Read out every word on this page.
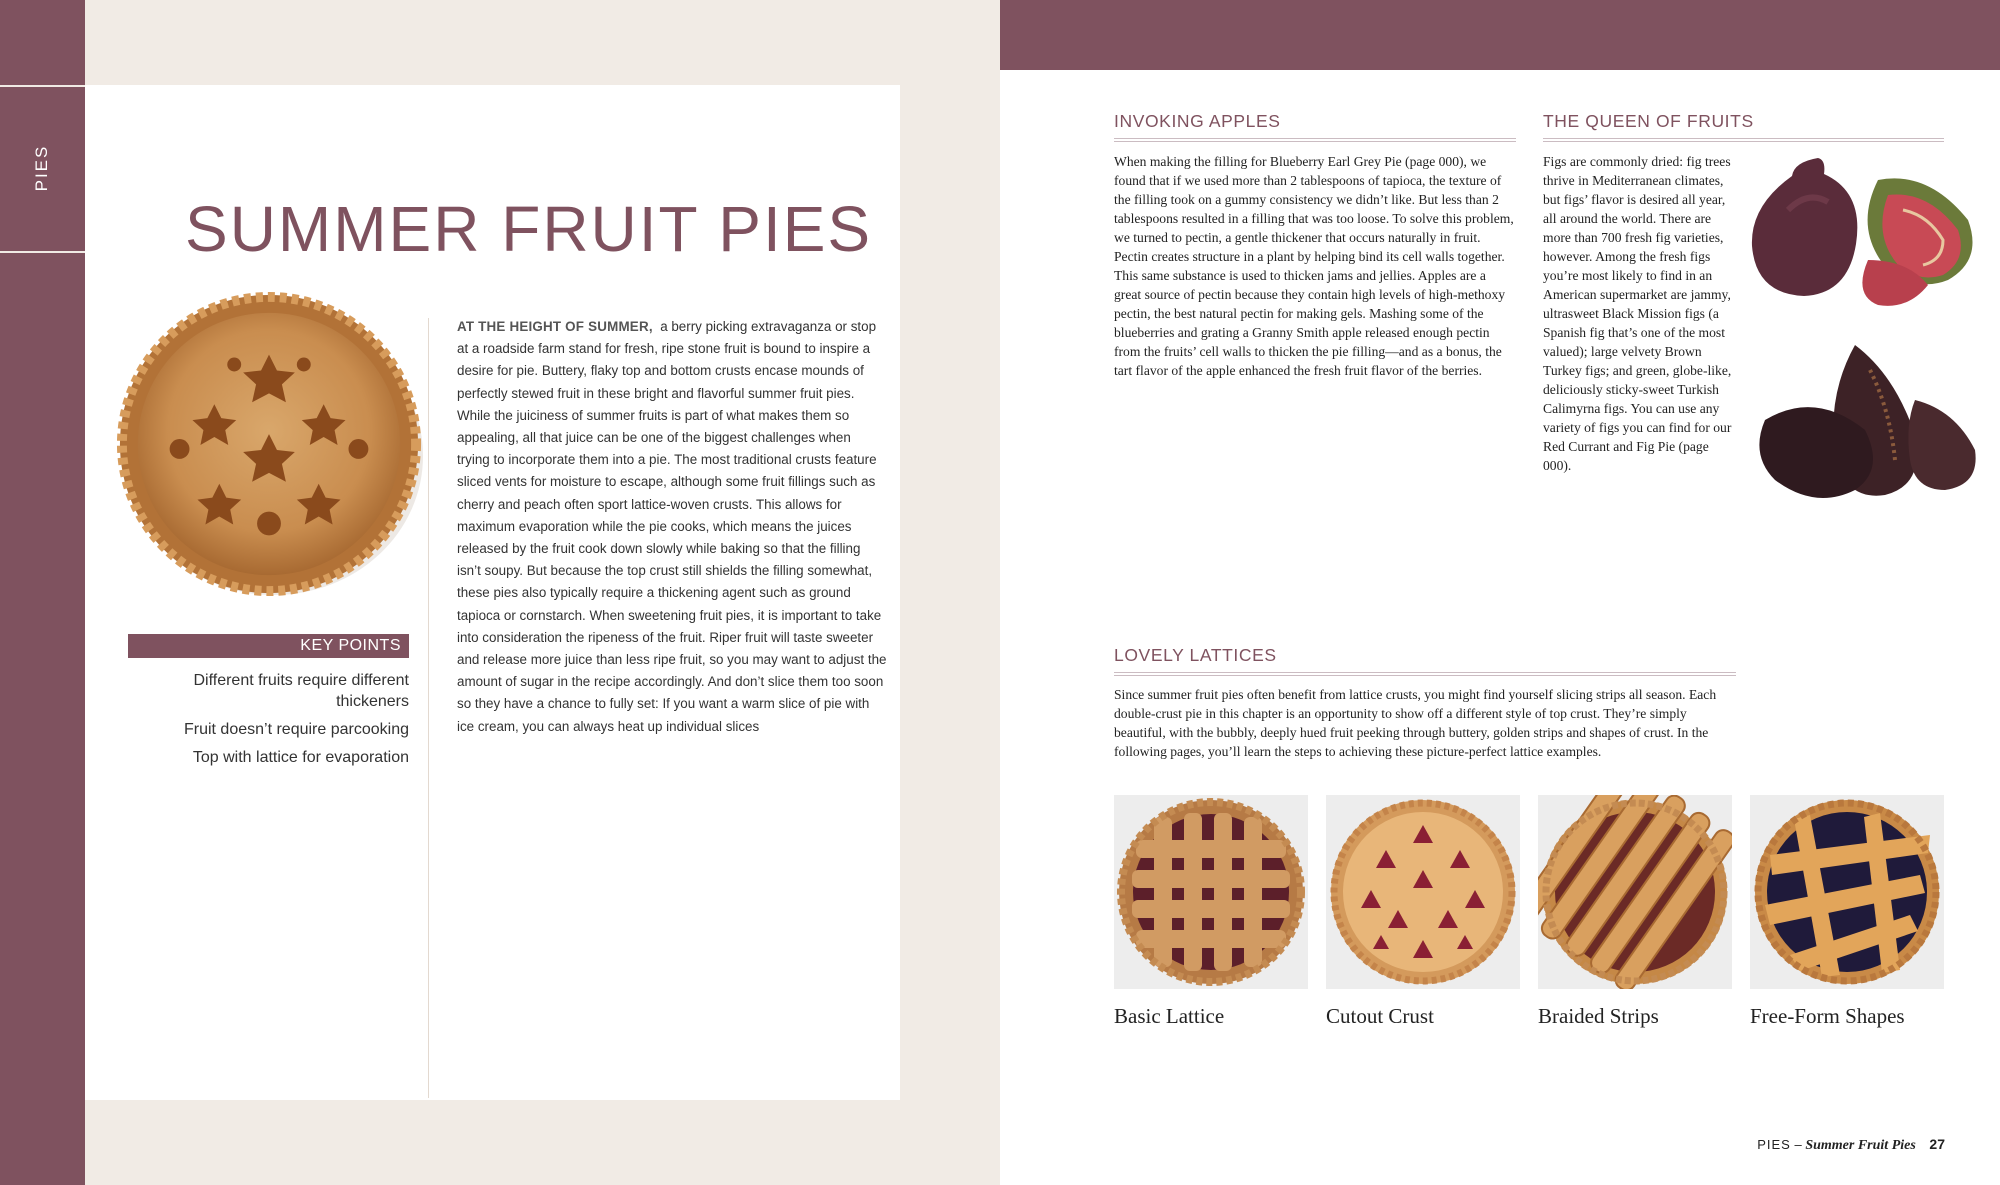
PIES
SUMMER FRUIT PIES
KEY POINTS
Different fruits require different thickeners
Fruit doesn’t require parcooking
Top with lattice for evaporation

AT THE HEIGHT OF SUMMER, a berry picking extravaganza or stop at a roadside farm stand for fresh, ripe stone fruit is bound to inspire a desire for pie. Buttery, flaky top and bottom crusts encase mounds of perfectly stewed fruit in these bright and flavorful summer fruit pies. While the juiciness of summer fruits is part of what makes them so appealing, all that juice can be one of the biggest challenges when trying to incorporate them into a pie. The most traditional crusts feature sliced vents for moisture to escape, although some fruit fillings such as cherry and peach often sport lattice-woven crusts. This allows for maximum evaporation while the pie cooks, which means the juices released by the fruit cook down slowly while baking so that the filling isn’t soupy. But because the top crust still shields the filling somewhat, these pies also typically require a thickening agent such as ground tapioca or cornstarch. When sweetening fruit pies, it is important to take into consideration the ripeness of the fruit. Riper fruit will taste sweeter and release more juice than less ripe fruit, so you may want to adjust the amount of sugar in the recipe accordingly. And don’t slice them too soon so they have a chance to fully set: If you want a warm slice of pie with ice cream, you can always heat up individual slices

INVOKING APPLES

When making the filling for Blueberry Earl Grey Pie (page 000), we found that if we used more than 2 tablespoons of tapioca, the texture of the filling took on a gummy consistency we didn’t like. But less than 2 tablespoons resulted in a filling that was too loose. To solve this problem, we turned to pectin, a gentle thickener that occurs naturally in fruit. Pectin creates structure in a plant by helping bind its cell walls together. This same substance is used to thicken jams and jellies. Apples are a great source of pectin because they contain high levels of high-methoxy pectin, the best natural pectin for making gels. Mashing some of the blueberries and grating a Granny Smith apple released enough pectin from the fruits’ cell walls to thicken the pie filling—and as a bonus, the tart flavor of the apple enhanced the fresh fruit flavor of the berries.

THE QUEEN OF FRUITS

Figs are commonly dried: fig trees thrive in Mediterranean climates, but figs’ flavor is desired all year, all around the world. There are more than 700 fresh fig varieties, however. Among the fresh figs you’re most likely to find in an American supermarket are jammy, ultrasweet Black Mission figs (a Spanish fig that’s one of the most valued); large velvety Brown Turkey figs; and green, globe-like, deliciously sticky-sweet Turkish Calimyrna figs. You can use any variety of figs you can find for our Red Currant and Fig Pie (page 000).

LOVELY LATTICES

Since summer fruit pies often benefit from lattice crusts, you might find yourself slicing strips all season. Each double-crust pie in this chapter is an opportunity to show off a different style of top crust. They’re simply beautiful, with the bubbly, deeply hued fruit peeking through buttery, golden strips and shapes of crust. In the following pages, you’ll learn the steps to achieving these picture-perfect lattice examples.

Basic Lattice	Cutout Crust	Braided Strips	Free-Form Shapes
PIES – Summer Fruit Pies 27
